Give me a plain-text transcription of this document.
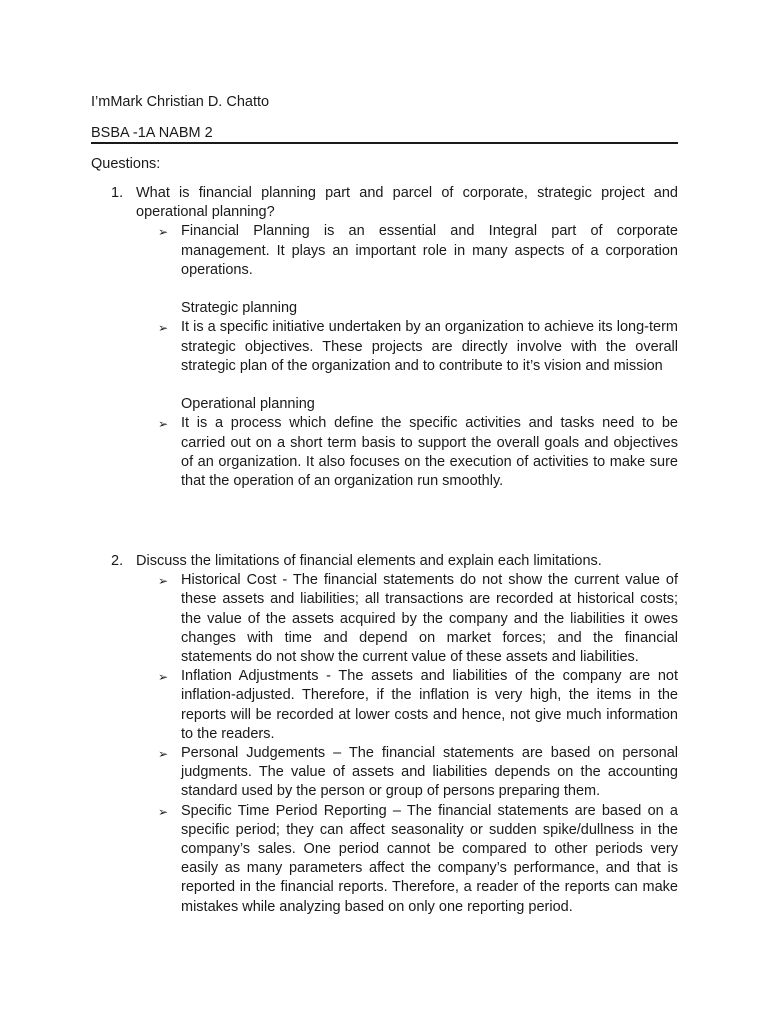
I’mMark Christian D. Chatto
BSBA -1A NABM 2
Questions:
1. What is financial planning part and parcel of corporate, strategic project and operational planning?
➢ Financial Planning is an essential and Integral part of corporate management. It plays an important role in many aspects of a corporation operations.
Strategic planning
➢ It is a specific initiative undertaken by an organization to achieve its long-term strategic objectives. These projects are directly involve with the overall strategic plan of the organization and to contribute to it’s vision and mission
Operational planning
➢ It is a process which define the specific activities and tasks need to be carried out on a short term basis to support the overall goals and objectives of an organization. It also focuses on the execution of activities to make sure that the operation of an organization run smoothly.
2. Discuss the limitations of financial elements and explain each limitations.
➢ Historical Cost - The financial statements do not show the current value of these assets and liabilities; all transactions are recorded at historical costs; the value of the assets acquired by the company and the liabilities it owes changes with time and depend on market forces; and the financial statements do not show the current value of these assets and liabilities.
➢ Inflation Adjustments - The assets and liabilities of the company are not inflation-adjusted. Therefore, if the inflation is very high, the items in the reports will be recorded at lower costs and hence, not give much information to the readers.
➢ Personal Judgements – The financial statements are based on personal judgments. The value of assets and liabilities depends on the accounting standard used by the person or group of persons preparing them.
➢ Specific Time Period Reporting – The financial statements are based on a specific period; they can affect seasonality or sudden spike/dullness in the company’s sales. One period cannot be compared to other periods very easily as many parameters affect the company’s performance, and that is reported in the financial reports. Therefore, a reader of the reports can make mistakes while analyzing based on only one reporting period.
